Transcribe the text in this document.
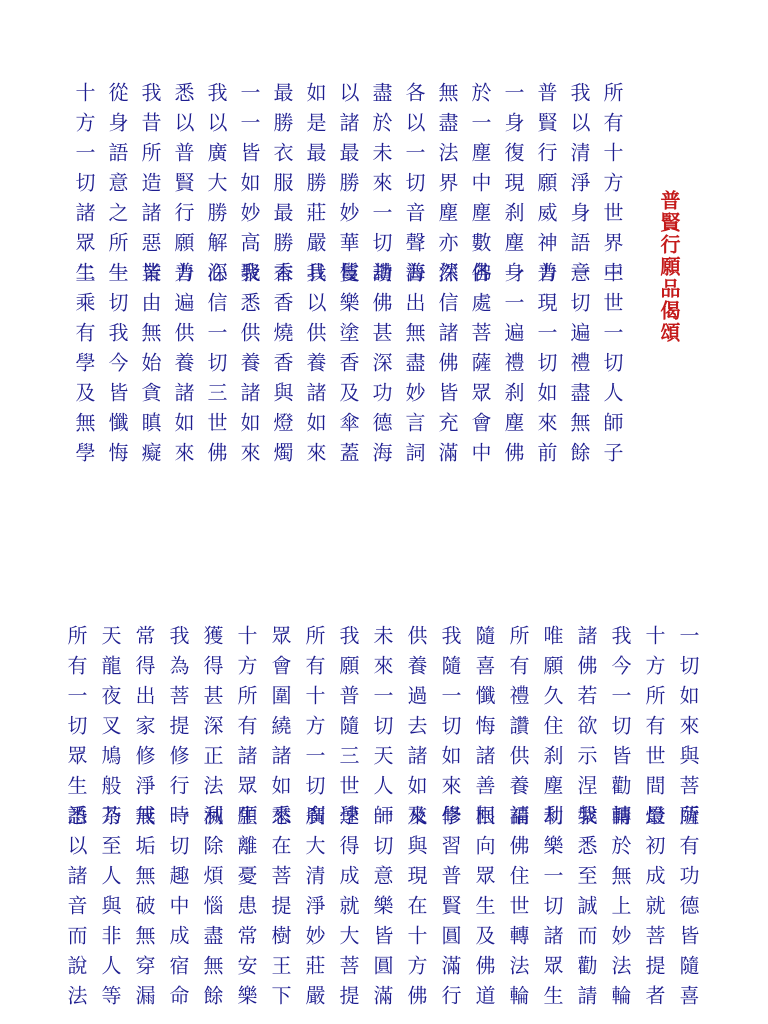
普賢行願品偈頌
所有十方世界中
我以清淨身語意
普賢行願威神力
一身復現刹塵身
於一塵中塵數佛
無盡法界塵亦然
各以一切音聲海
盡於未來一切劫
以諸最勝妙華鬘
如是最勝莊嚴具
最勝衣服最勝香
一一皆如妙高聚
我以廣大勝解心
悉以普賢行願力
我昔所造諸惡業
從身語意之所生
十方一切諸眾生
三世一切人師子
一切遍禮盡無餘
普現一切如來前
一一遍禮刹塵佛
各處菩薩眾會中
深信諸佛皆充滿
普出無盡妙言詞
讚佛甚深功德海
伎樂塗香及傘蓋
我以供養諸如來
末香燒香與燈燭
我悉供養諸如來
深信一切三世佛
普遍供養諸如來
皆由無始貪瞋癡
一切我今皆懺悔
二乘有學及無學
一切如來與菩薩
十方所有世間燈
我今一切皆勸請
諸佛若欲示涅槃
唯願久住刹塵劫
所有禮讚供養福
隨喜懺悔諸善根
我隨一切如來學
供養過去諸如來
未來一切天人師
我願普隨三世學
所有十方一切刹
眾會圍繞諸如來
十方所有諸眾生
獲得甚深正法利
我為菩提修行時
常得出家修淨戒
天龍夜叉鳩般茶
所有一切眾生語
所有功德皆隨喜
最初成就菩提者
轉於無上妙法輪
我悉至誠而勸請
利樂一切諸眾生
請佛住世轉法輪
回向眾生及佛道
修習普賢圓滿行
及與現在十方佛
一切意樂皆圓滿
速得成就大菩提
廣大清淨妙莊嚴
悉在菩提樹王下
願離憂患常安樂
滅除煩惱盡無餘
一切趣中成宿命
無垢無破無穿漏
乃至人與非人等
悉以諸音而說法
